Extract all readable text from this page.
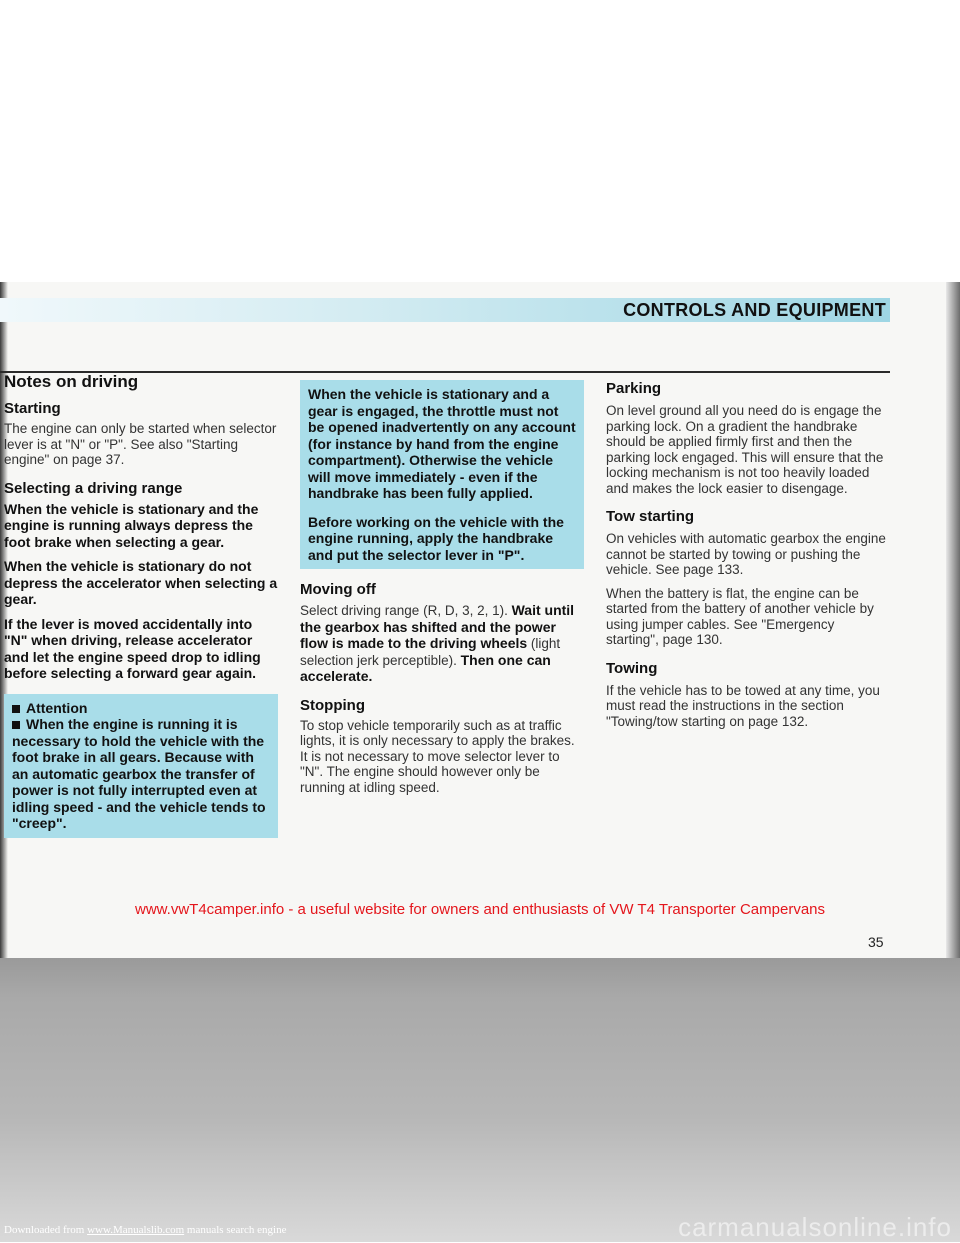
CONTROLS AND EQUIPMENT
Notes on driving
Starting

The engine can only be started when selector lever is at "N" or "P". See also "Starting engine" on page 37.

Selecting a driving range

When the vehicle is stationary and the engine is running always depress the foot brake when selecting a gear.

When the vehicle is stationary do not depress the accelerator when selecting a gear.

If the lever is moved accidentally into "N" when driving, release accelerator and let the engine speed drop to idling before selecting a forward gear again.

Attention
When the engine is running it is necessary to hold the vehicle with the foot brake in all gears. Because with an automatic gearbox the transfer of power is not fully interrupted even at idling speed - and the vehicle tends to "creep".

When the vehicle is stationary and a gear is engaged, the throttle must not be opened inadvertently on any account (for instance by hand from the engine compartment). Otherwise the vehicle will move immediately - even if the handbrake has been fully applied.

Before working on the vehicle with the engine running, apply the handbrake and put the selector lever in "P".

Moving off

Select driving range (R, D, 3, 2, 1). Wait until the gearbox has shifted and the power flow is made to the driving wheels (light selection jerk perceptible). Then one can accelerate.

Stopping

To stop vehicle temporarily such as at traffic lights, it is only necessary to apply the brakes. It is not necessary to move selector lever to "N". The engine should however only be running at idling speed.

Parking

On level ground all you need do is engage the parking lock. On a gradient the handbrake should be applied firmly first and then the parking lock engaged. This will ensure that the locking mechanism is not too heavily loaded and makes the lock easier to disengage.

Tow starting

On vehicles with automatic gearbox the engine cannot be started by towing or pushing the vehicle. See page 133.

When the battery is flat, the engine can be started from the battery of another vehicle by using jumper cables. See "Emergency starting", page 130.

Towing

If the vehicle has to be towed at any time, you must read the instructions in the section "Towing/tow starting on page 132.

www.vwT4camper.info - a useful website for owners and enthusiasts of VW T4 Transporter Campervans
35
Downloaded from www.Manualslib.com manuals search engine	carmanualsonline.info
